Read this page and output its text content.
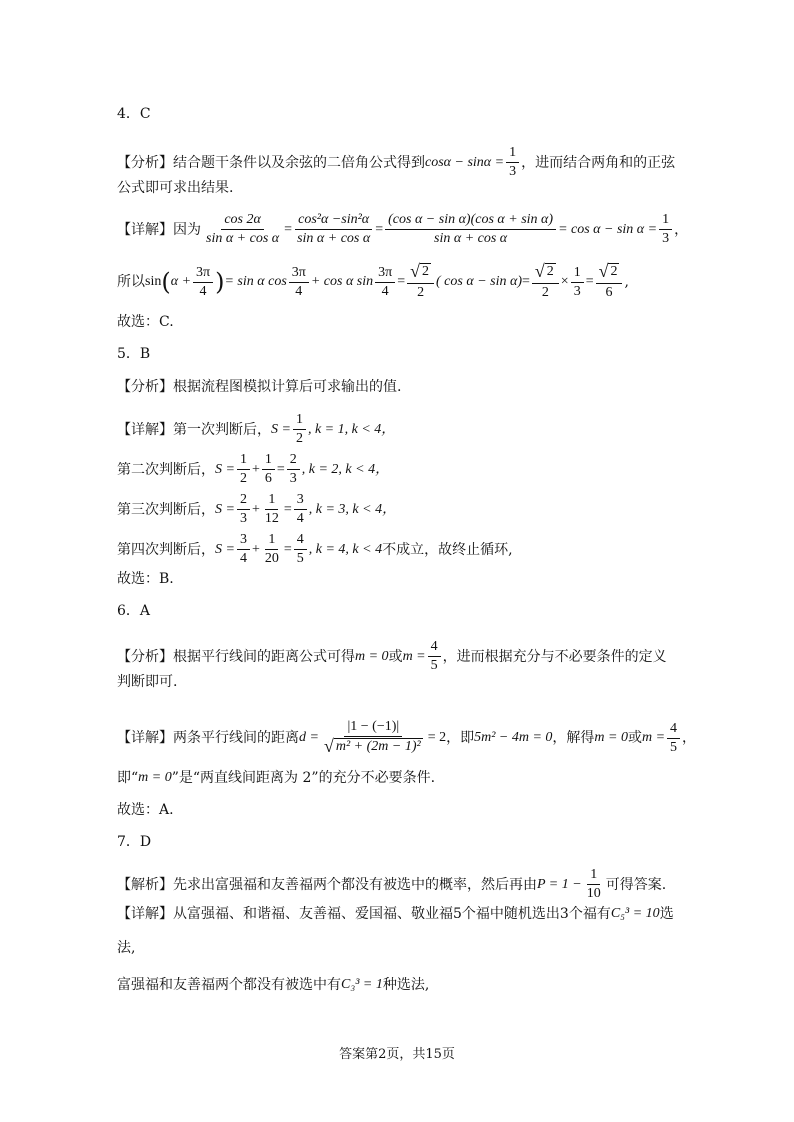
4．C
【分析】 结合题干条件以及余弦的二倍角公式得到 $\cos\alpha - \sin\alpha = \frac{1}{3}$ ，进而结合两角和的正弦
公式即可求出结果.
【详解】 因为 $\frac{\cos 2\alpha}{\text{sin α + cos α}} = \frac{\text{cos²α −sin²α}}{\text{sin α + cos α}} = \frac{\text{(cos α − sin α)(cos α + sin α)}}{\text{sin α + cos α}} = \cos \alpha - \sin \alpha = \frac{1}{3}$ ，
所以 sin ( $\alpha + \frac{3\pi}{4}$ ) = sin α $\cos \frac{3\pi}{4} + \cos \alpha$ $\sin \frac{3\pi}{4} = \frac{√ 2}{2}$ ( $\cos \alpha - \sin \alpha) = \frac{√ 2}{2} \times \frac{1}{3} = \frac{√ 2}{6}$ ,
故选：C.
5．B
【分析】 根据流程图模拟计算后可求输出的值.
【详解】 第一次判断后， $S = \frac{1}{2}$ , k = 1, k < 4，
第二次判断后， $S = \frac{1}{2} + \frac{1}{6} = \frac{2}{3}$ , k = 2, k < 4，
第三次判断后， $S = \frac{2}{3} + \frac{1}{12} = \frac{3}{4}$ , k = 3, k < 4，
第四次判断后， $S = \frac{3}{4} + \frac{1}{20} = \frac{4}{5}$ , k = 4, k < 4 不成立，故终止循环,
故选：B.
6．A
【分析】 根据平行线间的距离公式可得 m = 0 或 $m = \frac{4}{5}$ ，进而根据充分与不必要条件的定义
判断即可.
【详解】 两条平行线间的距离 $d = \frac{|1 - (-1)|}{\text{√ m² + (2m − 1)²}} = 2$ ，即 5m² − 4m = 0 ，解得 m = 0 或 $m = \frac{4}{5}$ ，
即“ m = 0 ”是“两直线间距离为 2”的充分不必要条件.
故选：A.
7．D
【解析】 先求出富强福和友善福两个都没有被选中的概率，然后再由 $P = 1 - \frac{1}{10}$ 可得答案.
【详解】 从富强福、和谐福、友善福、爱国福、敬业福5个福中随机选出3个福有 C₅³ = 10 选
法,
富强福和友善福两个都没有被选中有 C₃³ = 1 种选法,
答案第2页，共15页
